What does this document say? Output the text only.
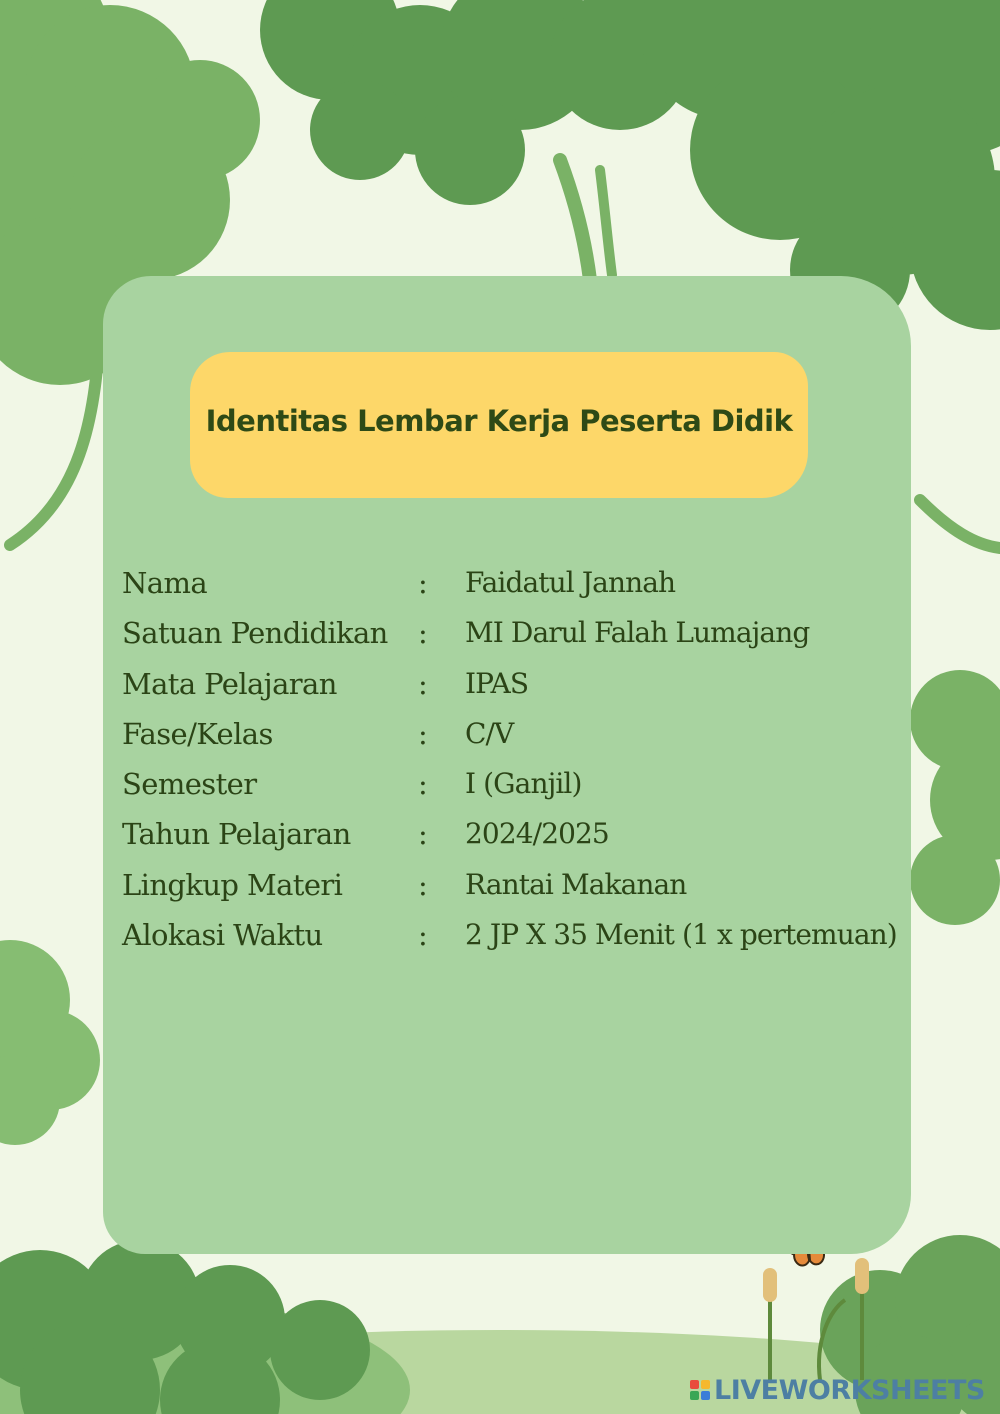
Identitas Lembar Kerja Peserta Didik
Nama	: Faidatul Jannah
Satuan Pendidikan : MI Darul Falah Lumajang
Mata Pelajaran	: IPAS
Fase/Kelas	: C/V
Semester	: I (Ganjil)
Tahun Pelajaran : 2024/2025
Lingkup Materi	: Rantai Makanan
Alokasi Waktu	: 2 JP X 35 Menit (1 x pertemuan)
LIVEWORKSHEETS
